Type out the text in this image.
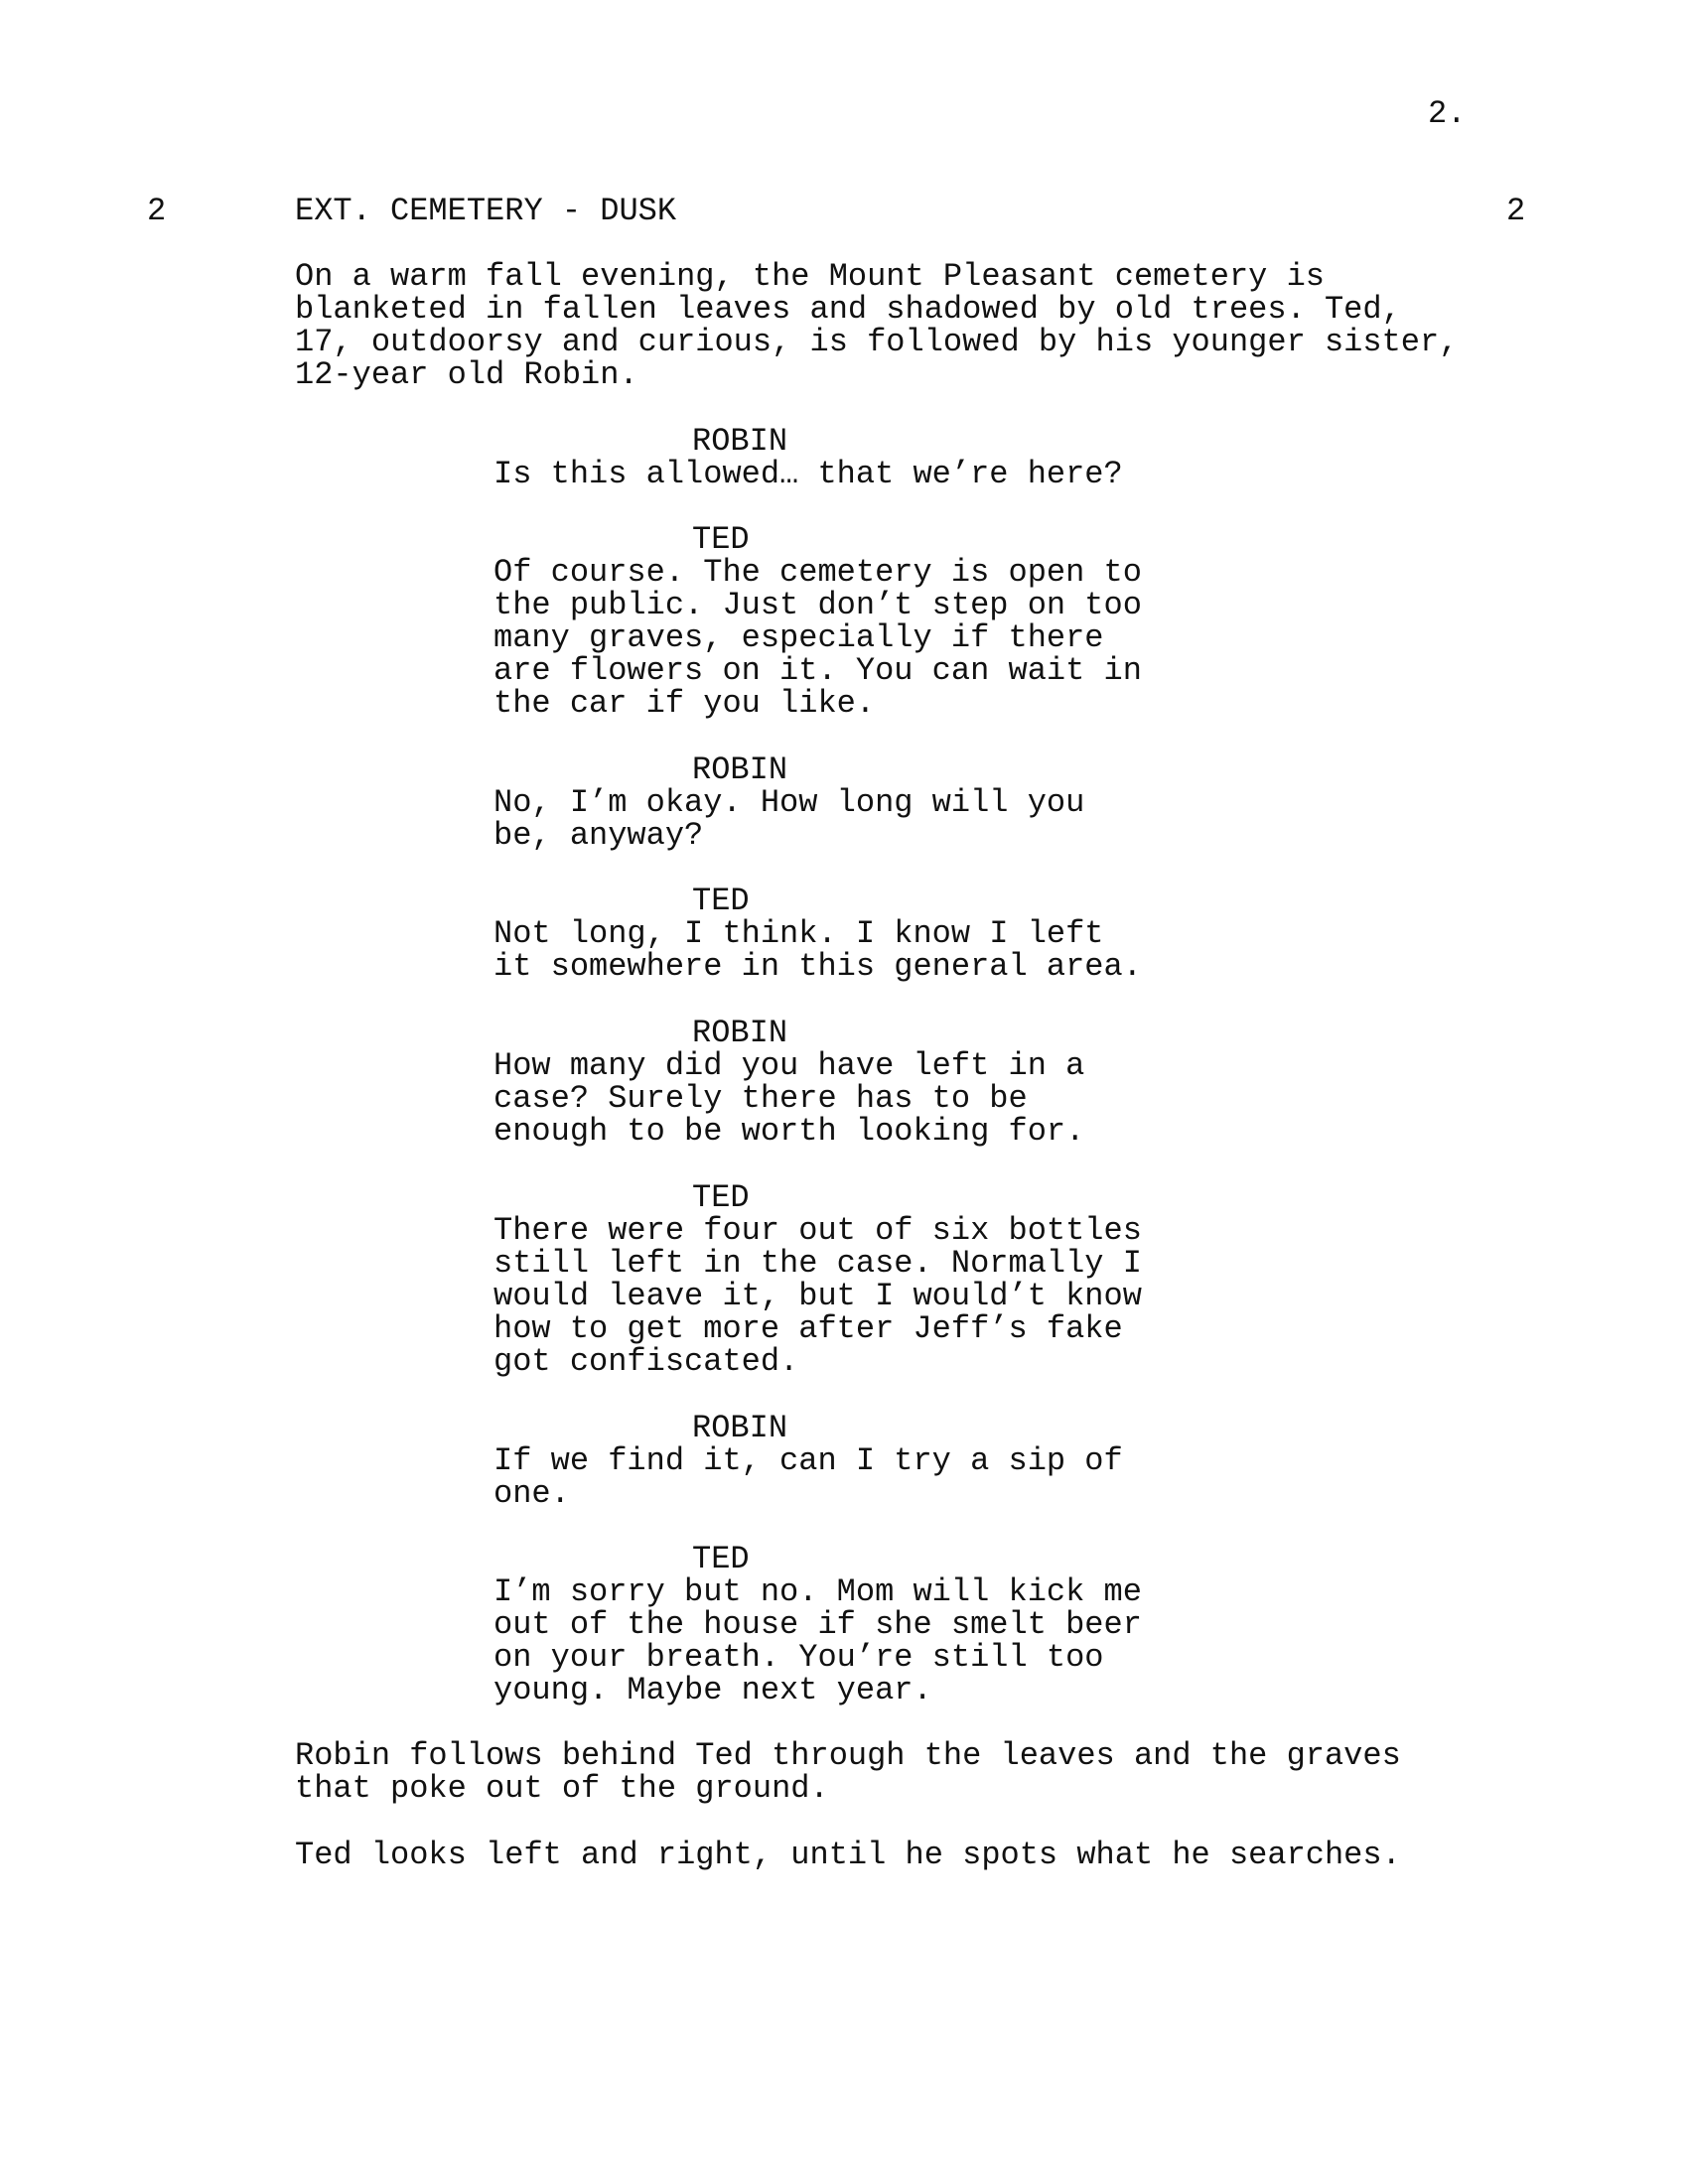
2.
2	EXT. CEMETERY - DUSK	2
On a warm fall evening, the Mount Pleasant cemetery is
blanketed in fallen leaves and shadowed by old trees. Ted,
17, outdoorsy and curious, is followed by his younger sister,
12-year old Robin.
ROBIN
Is this allowed… that we’re here?
TED
Of course. The cemetery is open to
the public. Just don’t step on too
many graves, especially if there
are flowers on it. You can wait in
the car if you like.
ROBIN
No, I’m okay. How long will you
be, anyway?
TED
Not long, I think. I know I left
it somewhere in this general area.
ROBIN
How many did you have left in a
case? Surely there has to be
enough to be worth looking for.
TED
There were four out of six bottles
still left in the case. Normally I
would leave it, but I would’t know
how to get more after Jeff’s fake
got confiscated.
ROBIN
If we find it, can I try a sip of
one.
TED
I’m sorry but no. Mom will kick me
out of the house if she smelt beer
on your breath. You’re still too
young. Maybe next year.
Robin follows behind Ted through the leaves and the graves
that poke out of the ground.
Ted looks left and right, until he spots what he searches.
